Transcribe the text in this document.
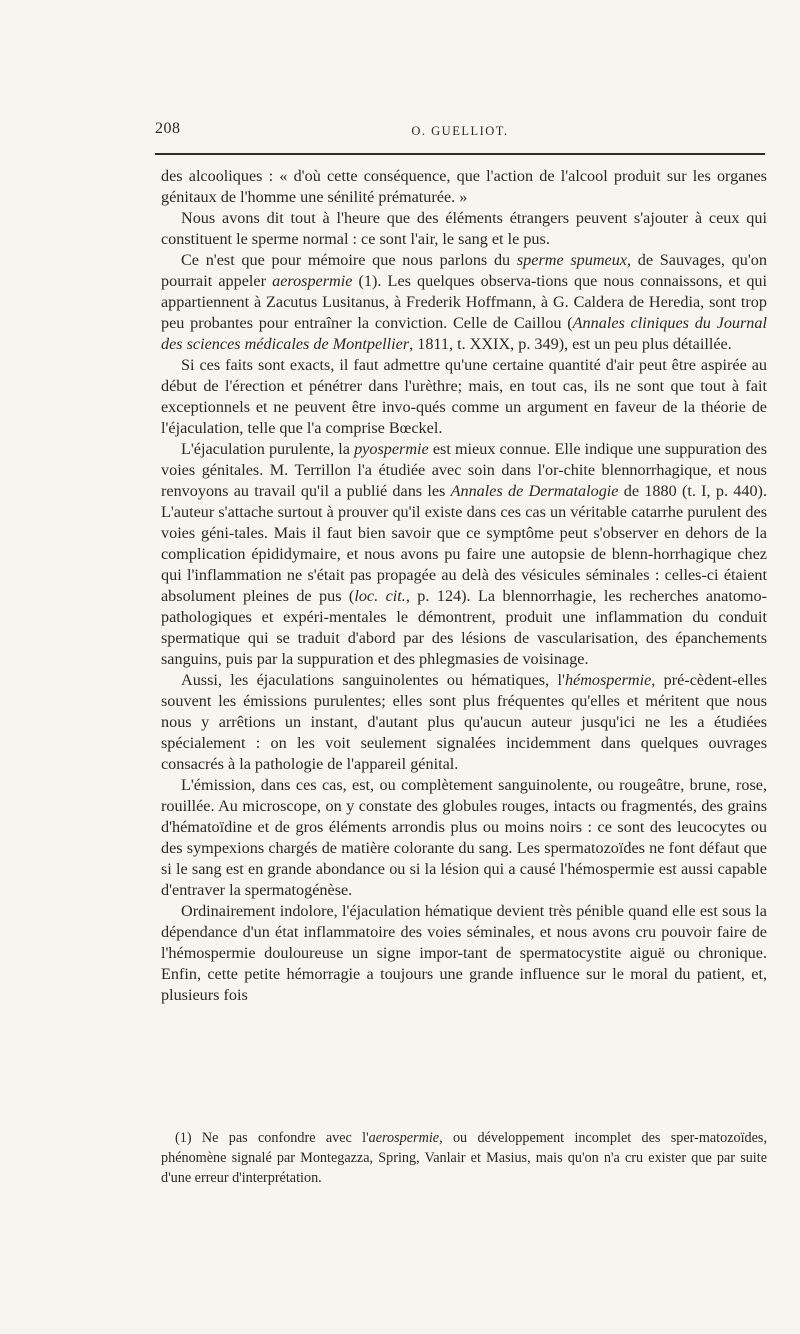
208	O. GUELLIOT.

des alcooliques : « d'où cette conséquence, que l'action de l'alcool produit sur les organes génitaux de l'homme une sénilité prématurée. »

Nous avons dit tout à l'heure que des éléments étrangers peuvent s'ajouter à ceux qui constituent le sperme normal : ce sont l'air, le sang et le pus.

Ce n'est que pour mémoire que nous parlons du sperme spumeux, de Sauvages, qu'on pourrait appeler aerospermie (1). Les quelques observa-tions que nous connaissons, et qui appartiennent à Zacutus Lusitanus, à Frederik Hoffmann, à G. Caldera de Heredia, sont trop peu probantes pour entraîner la conviction. Celle de Caillou (Annales cliniques du Journal des sciences médicales de Montpellier, 1811, t. XXIX, p. 349), est un peu plus détaillée.

Si ces faits sont exacts, il faut admettre qu'une certaine quantité d'air peut être aspirée au début de l'érection et pénétrer dans l'urèthre; mais, en tout cas, ils ne sont que tout à fait exceptionnels et ne peuvent être invo-qués comme un argument en faveur de la théorie de l'éjaculation, telle que l'a comprise Bœckel.

L'éjaculation purulente, la pyospermie est mieux connue. Elle indique une suppuration des voies génitales. M. Terrillon l'a étudiée avec soin dans l'or-chite blennorrhagique, et nous renvoyons au travail qu'il a publié dans les Annales de Dermatalogie de 1880 (t. I, p. 440). L'auteur s'attache surtout à prouver qu'il existe dans ces cas un véritable catarrhe purulent des voies géni-tales. Mais il faut bien savoir que ce symptôme peut s'observer en dehors de la complication épididymaire, et nous avons pu faire une autopsie de blenn-horrhagique chez qui l'inflammation ne s'était pas propagée au delà des vésicules séminales : celles-ci étaient absolument pleines de pus (loc. cit., p. 124). La blennorrhagie, les recherches anatomo-pathologiques et expéri-mentales le démontrent, produit une inflammation du conduit spermatique qui se traduit d'abord par des lésions de vascularisation, des épanchements sanguins, puis par la suppuration et des phlegmasies de voisinage.

Aussi, les éjaculations sanguinolentes ou hématiques, l'hémospermie, pré-cèdent-elles souvent les émissions purulentes; elles sont plus fréquentes qu'elles et méritent que nous nous y arrêtions un instant, d'autant plus qu'aucun auteur jusqu'ici ne les a étudiées spécialement : on les voit seulement signalées incidemment dans quelques ouvrages consacrés à la pathologie de l'appareil génital.

L'émission, dans ces cas, est, ou complètement sanguinolente, ou rougeâtre, brune, rose, rouillée. Au microscope, on y constate des globules rouges, intacts ou fragmentés, des grains d'hématoïdine et de gros éléments arrondis plus ou moins noirs : ce sont des leucocytes ou des sympexions chargés de matière colorante du sang. Les spermatozoïdes ne font défaut que si le sang est en grande abondance ou si la lésion qui a causé l'hémospermie est aussi capable d'entraver la spermatogénèse.

Ordinairement indolore, l'éjaculation hématique devient très pénible quand elle est sous la dépendance d'un état inflammatoire des voies séminales, et nous avons cru pouvoir faire de l'hémospermie douloureuse un signe impor-tant de spermatocystite aiguë ou chronique. Enfin, cette petite hémorragie a toujours une grande influence sur le moral du patient, et, plusieurs fois

(1) Ne pas confondre avec l'aerospermie, ou développement incomplet des sper-matozoïdes, phénomène signalé par Montegazza, Spring, Vanlair et Masius, mais qu'on n'a cru exister que par suite d'une erreur d'interprétation.
